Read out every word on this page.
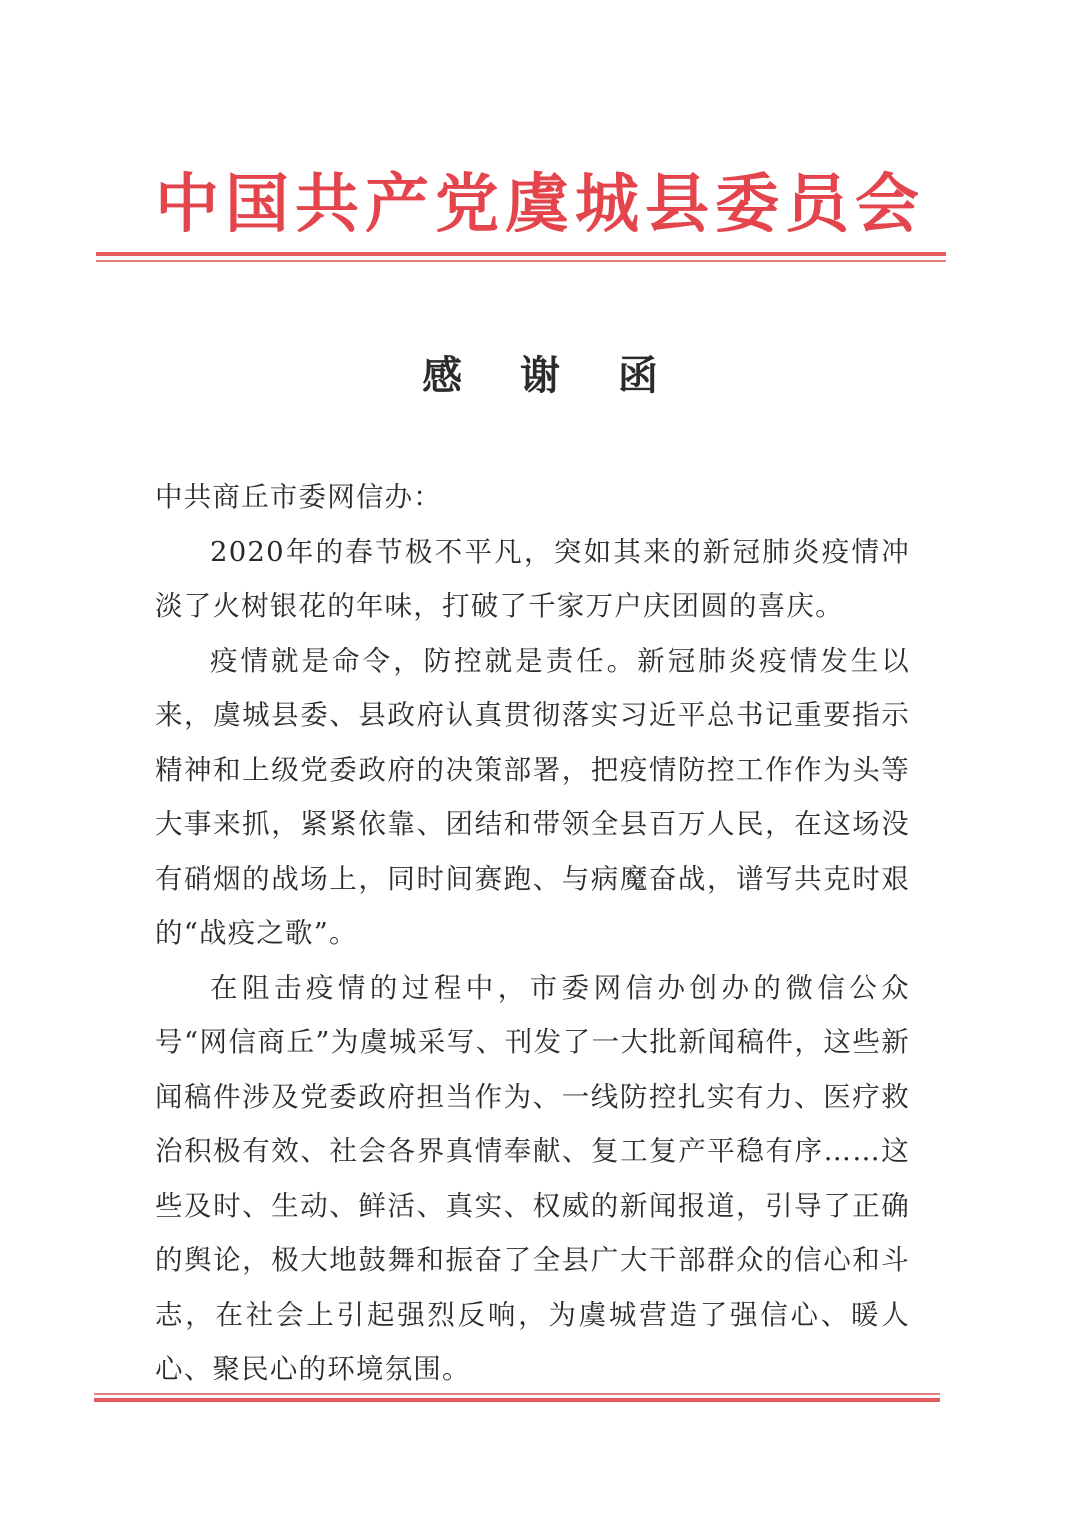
中国共产党虞城县委员会
感 谢 函

中共商丘市委网信办：

2020年的春节极不平凡，突如其来的新冠肺炎疫情冲淡了火树银花的年味，打破了千家万户庆团圆的喜庆。

疫情就是命令，防控就是责任。新冠肺炎疫情发生以来，虞城县委、县政府认真贯彻落实习近平总书记重要指示精神和上级党委政府的决策部署，把疫情防控工作作为头等大事来抓，紧紧依靠、团结和带领全县百万人民，在这场没有硝烟的战场上，同时间赛跑、与病魔奋战，谱写共克时艰的“战疫之歌”。

在阻击疫情的过程中，市委网信办创办的微信公众号“网信商丘”为虞城采写、刊发了一大批新闻稿件，这些新闻稿件涉及党委政府担当作为、一线防控扎实有力、医疗救治积极有效、社会各界真情奉献、复工复产平稳有序……这些及时、生动、鲜活、真实、权威的新闻报道，引导了正确的舆论，极大地鼓舞和振奋了全县广大干部群众的信心和斗志，在社会上引起强烈反响，为虞城营造了强信心、暖人心、聚民心的环境氛围。
